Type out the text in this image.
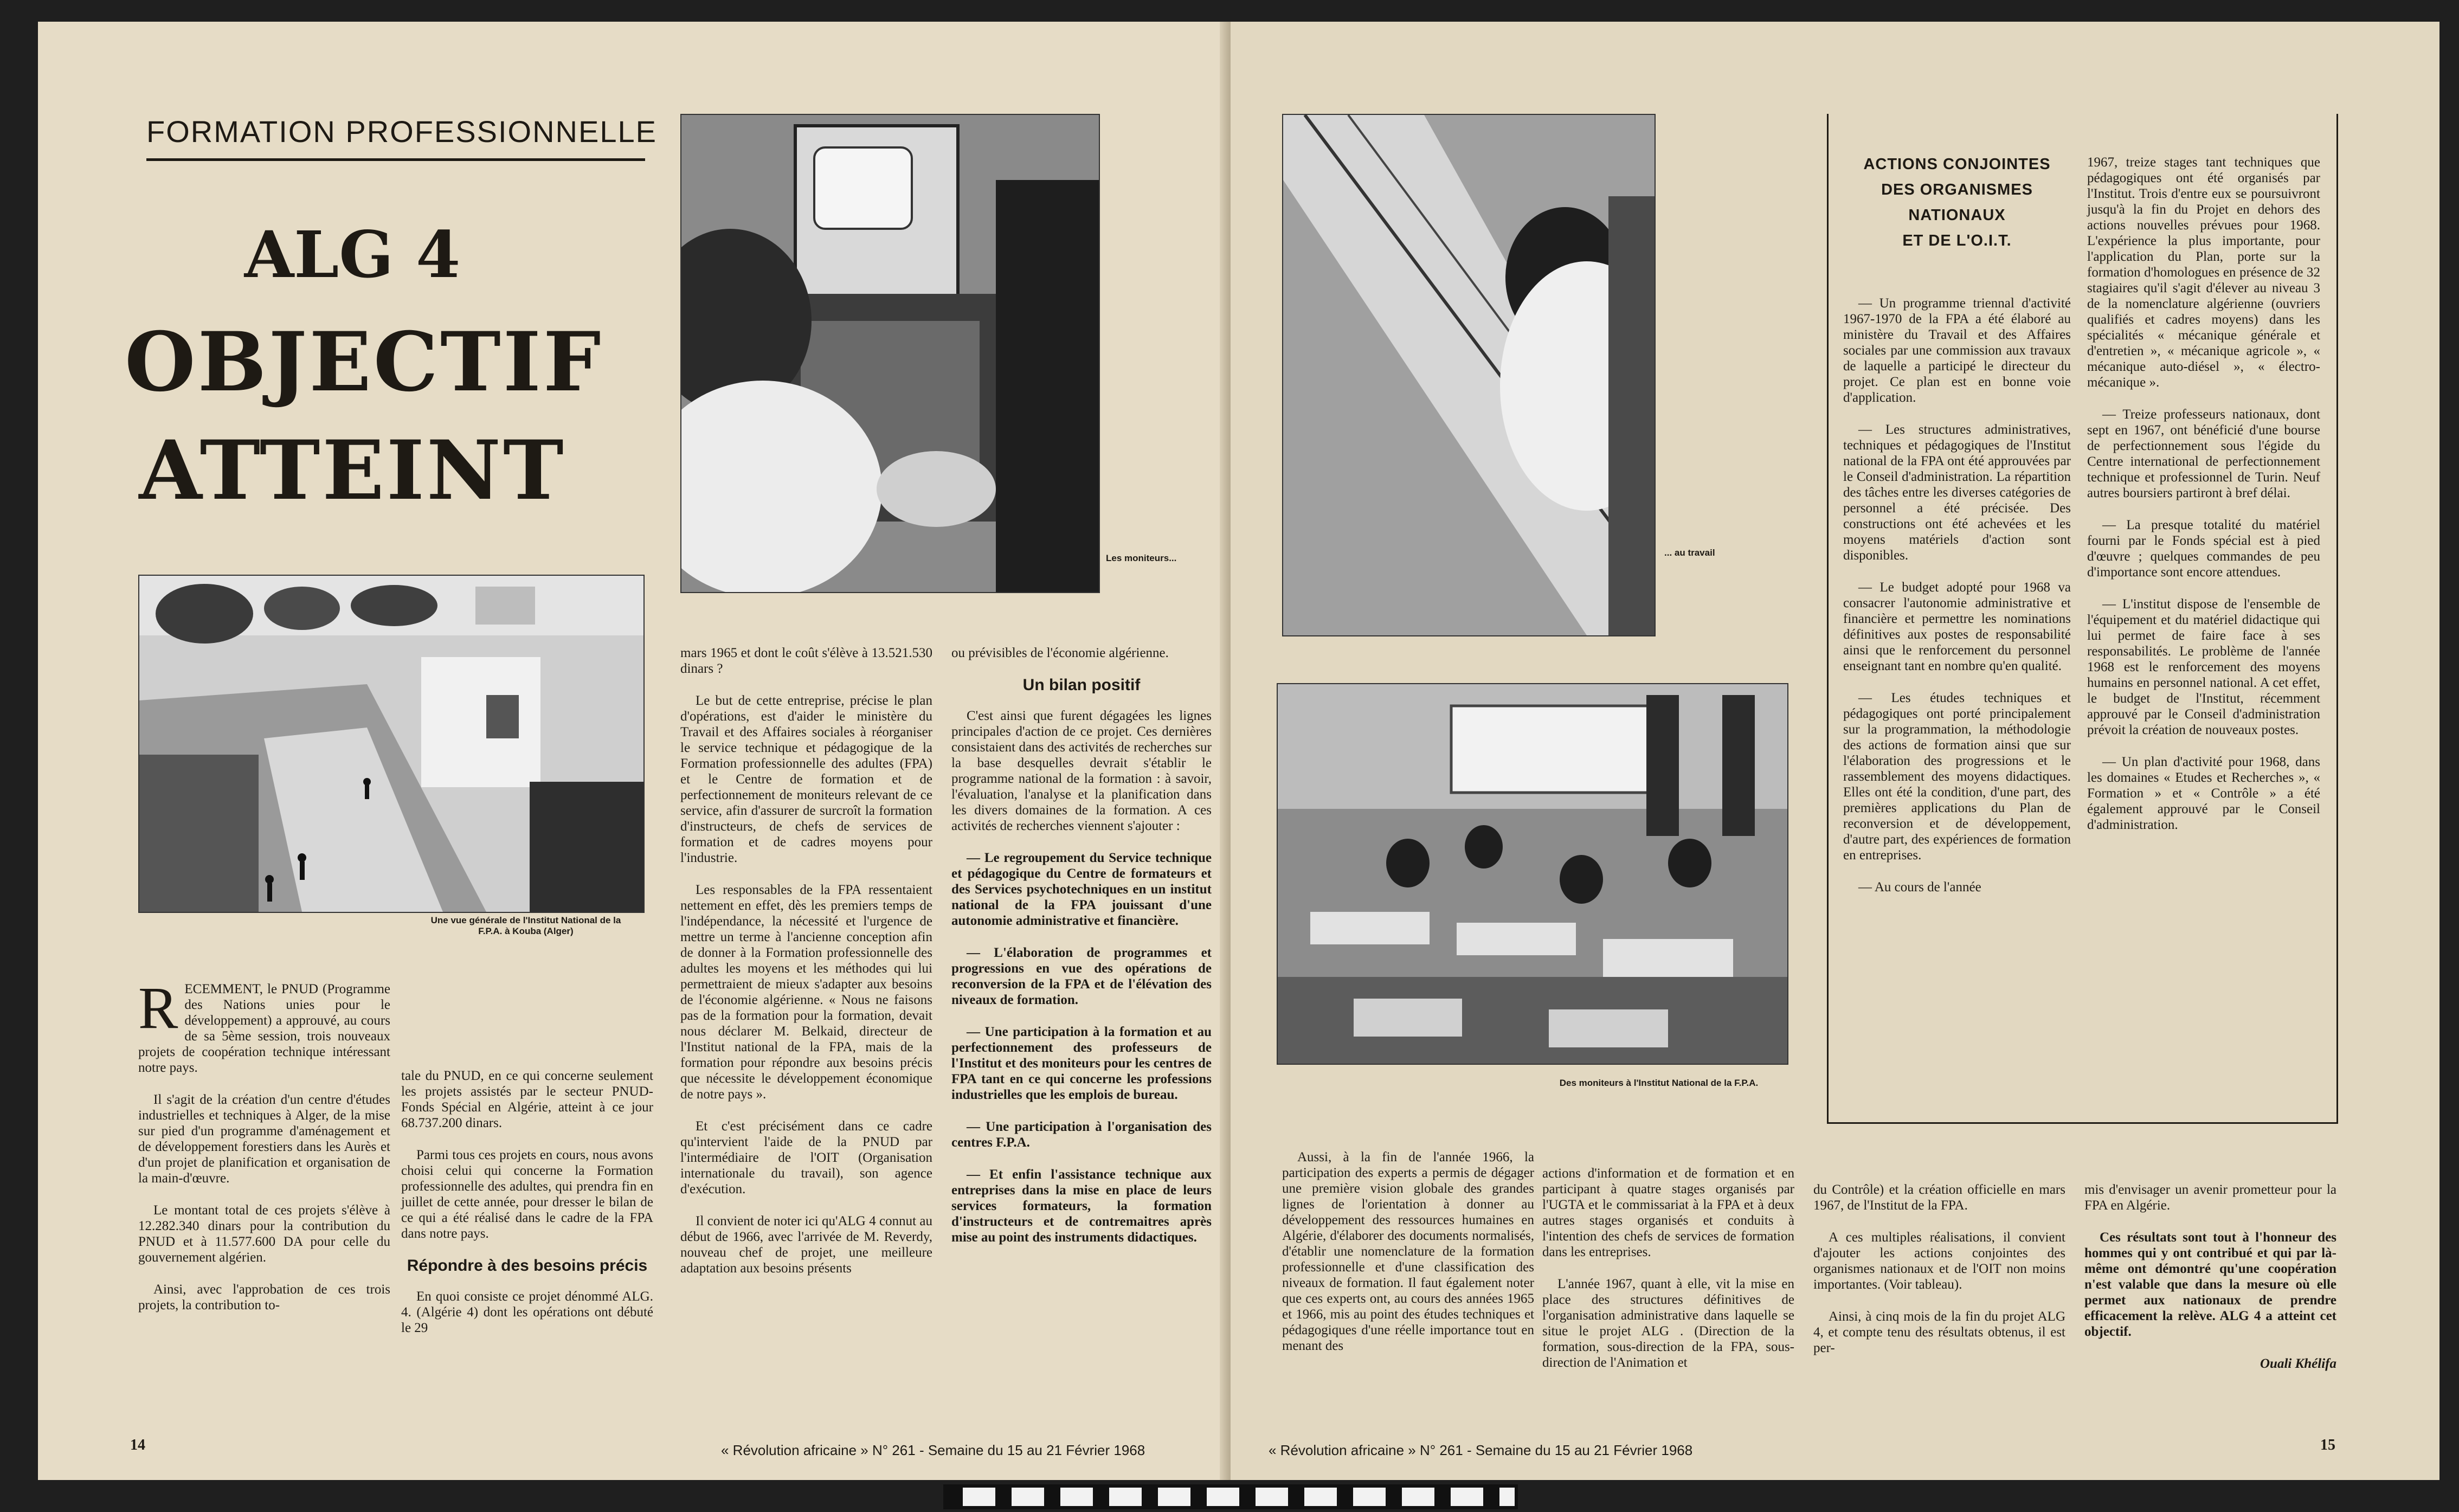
FORMATION PROFESSIONNELLE
ALG 4
OBJECTIF
ATTEINT
Une vue générale de l'Institut National de la F.P.A. à Kouba (Alger)
Les moniteurs...

RECEMMENT, le PNUD (Programme des Nations unies pour le développement) a approuvé, au cours de sa 5ème session, trois nouveaux projets de coopération technique intéressant notre pays.

Il s'agit de la création d'un centre d'études industrielles et techniques à Alger, de la mise sur pied d'un programme d'aménagement et de développement forestiers dans les Aurès et d'un projet de planification et organisation de la main-d'œuvre.

Le montant total de ces projets s'élève à 12.282.340 dinars pour la contribution du PNUD et à 11.577.600 DA pour celle du gouvernement algérien.

Ainsi, avec l'approbation de ces trois projets, la contribution to-

tale du PNUD, en ce qui concerne seulement les projets assistés par le secteur PNUD-Fonds Spécial en Algérie, atteint à ce jour 68.737.200 dinars.

Parmi tous ces projets en cours, nous avons choisi celui qui concerne la Formation professionnelle des adultes, qui prendra fin en juillet de cette année, pour dresser le bilan de ce qui a été réalisé dans le cadre de la FPA dans notre pays.

Répondre à des besoins précis

En quoi consiste ce projet dénommé ALG. 4. (Algérie 4) dont les opérations ont débuté le 29

mars 1965 et dont le coût s'élève à 13.521.530 dinars ?

Le but de cette entreprise, précise le plan d'opérations, est d'aider le ministère du Travail et des Affaires sociales à réorganiser le service technique et pédagogique de la Formation professionnelle des adultes (FPA) et le Centre de formation et de perfectionnement de moniteurs relevant de ce service, afin d'assurer de surcroît la formation d'instructeurs, de chefs de services de formation et de cadres moyens pour l'industrie.

Les responsables de la FPA ressentaient nettement en effet, dès les premiers temps de l'indépendance, la nécessité et l'urgence de mettre un terme à l'ancienne conception afin de donner à la Formation professionnelle des adultes les moyens et les méthodes qui lui permettraient de mieux s'adapter aux besoins de l'économie algérienne. « Nous ne faisons pas de la formation pour la formation, devait nous déclarer M. Belkaid, directeur de l'Institut national de la FPA, mais de la formation pour répondre aux besoins précis que nécessite le développement économique de notre pays ».

Et c'est précisément dans ce cadre qu'intervient l'aide de la PNUD par l'intermédiaire de l'OIT (Organisation internationale du travail), son agence d'exécution.

Il convient de noter ici qu'ALG 4 connut au début de 1966, avec l'arrivée de M. Reverdy, nouveau chef de projet, une meilleure adaptation aux besoins présents

ou prévisibles de l'économie algérienne.

Un bilan positif

C'est ainsi que furent dégagées les lignes principales d'action de ce projet. Ces dernières consistaient dans des activités de recherches sur la base desquelles devrait s'établir le programme national de la formation : à savoir, l'évaluation, l'analyse et la planification dans les divers domaines de la formation. A ces activités de recherches viennent s'ajouter :

— Le regroupement du Service technique et pédagogique du Centre de formateurs et des Services psychotechniques en un institut national de la FPA jouissant d'une autonomie administrative et financière.

— L'élaboration de programmes et progressions en vue des opérations de reconversion de la FPA et de l'élévation des niveaux de formation.

— Une participation à la formation et au perfectionnement des professeurs de l'Institut et des moniteurs pour les centres de FPA tant en ce qui concerne les professions industrielles que les emplois de bureau.

— Une participation à l'organisation des centres F.P.A.

— Et enfin l'assistance technique aux entreprises dans la mise en place de leurs services formateurs, la formation d'instructeurs et de contremaitres après mise au point des instruments didactiques.

14	« Révolution africaine » N° 261 - Semaine du 15 au 21 Février 1968
... au travail
Des moniteurs à l'Institut National de la F.P.A.
ACTIONS CONJOINTES
DES ORGANISMES
NATIONAUX
ET DE L'O.I.T.

— Un programme triennal d'activité 1967-1970 de la FPA a été élaboré au ministère du Travail et des Affaires sociales par une commission aux travaux de laquelle a participé le directeur du projet. Ce plan est en bonne voie d'application.

— Les structures administratives, techniques et pédagogiques de l'Institut national de la FPA ont été approuvées par le Conseil d'administration. La répartition des tâches entre les diverses catégories de personnel a été précisée. Des constructions ont été achevées et les moyens matériels d'action sont disponibles.

— Le budget adopté pour 1968 va consacrer l'autonomie administrative et financière et permettre les nominations définitives aux postes de responsabilité ainsi que le renforcement du personnel enseignant tant en nombre qu'en qualité.

— Les études techniques et pédagogiques ont porté principalement sur la programmation, la méthodologie des actions de formation ainsi que sur l'élaboration des progressions et le rassemblement des moyens didactiques. Elles ont été la condition, d'une part, des premières applications du Plan de reconversion et de développement, d'autre part, des expériences de formation en entreprises.

— Au cours de l'année

1967, treize stages tant techniques que pédagogiques ont été organisés par l'Institut. Trois d'entre eux se poursuivront jusqu'à la fin du Projet en dehors des actions nouvelles prévues pour 1968. L'expérience la plus importante, pour l'application du Plan, porte sur la formation d'homologues en présence de 32 stagiaires qu'il s'agit d'élever au niveau 3 de la nomenclature algérienne (ouvriers qualifiés et cadres moyens) dans les spécialités « mécanique générale et d'entretien », « mécanique agricole », « mécanique auto-diésel », « électro-mécanique ».

— Treize professeurs nationaux, dont sept en 1967, ont bénéficié d'une bourse de perfectionnement sous l'égide du Centre international de perfectionnement technique et professionnel de Turin. Neuf autres boursiers partiront à bref délai.

— La presque totalité du matériel fourni par le Fonds spécial est à pied d'œuvre ; quelques commandes de peu d'importance sont encore attendues.

— L'institut dispose de l'ensemble de l'équipement et du matériel didactique qui lui permet de faire face à ses responsabilités. Le problème de l'année 1968 est le renforcement des moyens humains en personnel national. A cet effet, le budget de l'Institut, récemment approuvé par le Conseil d'administration prévoit la création de nouveaux postes.

— Un plan d'activité pour 1968, dans les domaines « Etudes et Recherches », « Formation » et « Contrôle » a été également approuvé par le Conseil d'administration.

Aussi, à la fin de l'année 1966, la participation des experts a permis de dégager une première vision globale des grandes lignes de l'orientation à donner au développement des ressources humaines en Algérie, d'élaborer des documents normalisés, d'établir une nomenclature de la formation professionnelle et d'une classification des niveaux de formation. Il faut également noter que ces experts ont, au cours des années 1965 et 1966, mis au point des études techniques et pédagogiques d'une réelle importance tout en menant des

actions d'information et de formation et en participant à quatre stages organisés par l'UGTA et le commissariat à la FPA et à deux autres stages organisés et conduits à l'intention des chefs de services de formation dans les entreprises.

L'année 1967, quant à elle, vit la mise en place des structures définitives de l'organisation administrative dans laquelle se situe le projet ALG . (Direction de la formation, sous-direction de la FPA, sous-direction de l'Animation et

du Contrôle) et la création officielle en mars 1967, de l'Institut de la FPA.

A ces multiples réalisations, il convient d'ajouter les actions conjointes des organismes nationaux et de l'OIT non moins importantes. (Voir tableau).

Ainsi, à cinq mois de la fin du projet ALG 4, et compte tenu des résultats obtenus, il est per-

mis d'envisager un avenir prometteur pour la FPA en Algérie.

Ces résultats sont tout à l'honneur des hommes qui y ont contribué et qui par là-même ont démontré qu'une coopération n'est valable que dans la mesure où elle permet aux nationaux de prendre efficacement la relève. ALG 4 a atteint cet objectif.

Ouali Khélifa
« Révolution africaine » N° 261 - Semaine du 15 au 21 Février 1968	15
